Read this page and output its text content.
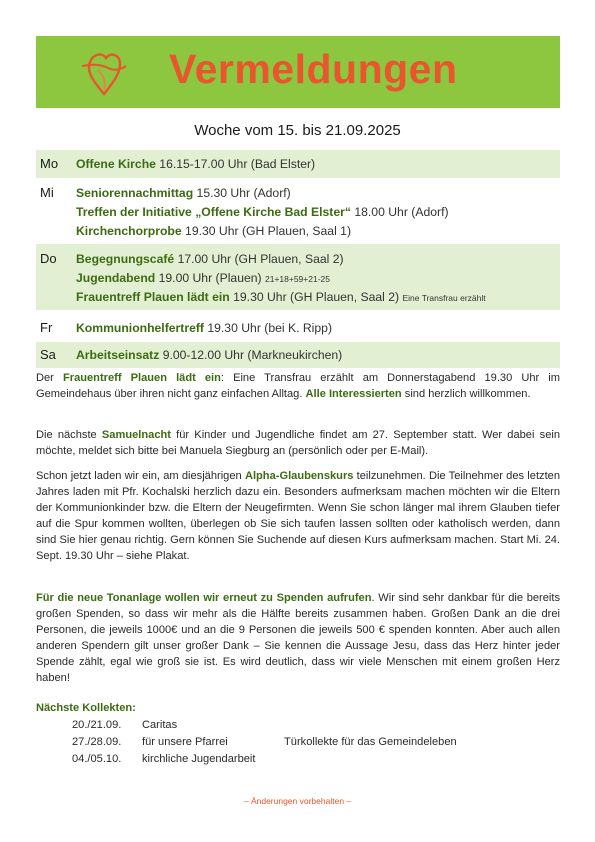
Vermeldungen
Woche vom 15. bis 21.09.2025
Mo Offene Kirche 16.15-17.00 Uhr (Bad Elster)
Mi Seniorennachmittag 15.30 Uhr (Adorf)
Treffen der Initiative „Offene Kirche Bad Elster“ 18.00 Uhr (Adorf)
Kirchenchorprobe 19.30 Uhr (GH Plauen, Saal 1)
Do Begegnungscafé 17.00 Uhr (GH Plauen, Saal 2)
Jugendabend 19.00 Uhr (Plauen) 21+18+59+21-25
Frauentreff Plauen lädt ein 19.30 Uhr (GH Plauen, Saal 2) Eine Transfrau erzählt
Fr Kommunionhelfertreff 19.30 Uhr (bei K. Ripp)
Sa Arbeitseinsatz 9.00-12.00 Uhr (Markneukirchen)

Der Frauentreff Plauen lädt ein: Eine Transfrau erzählt am Donnerstagabend 19.30 Uhr im Gemeindehaus über ihren nicht ganz einfachen Alltag. Alle Interessierten sind herzlich willkommen.

Die nächste Samuelnacht für Kinder und Jugendliche findet am 27. September statt. Wer dabei sein möchte, meldet sich bitte bei Manuela Siegburg an (persönlich oder per E-Mail).

Schon jetzt laden wir ein, am diesjährigen Alpha-Glaubenskurs teilzunehmen. Die Teilnehmer des letzten Jahres laden mit Pfr. Kochalski herzlich dazu ein. Besonders aufmerksam machen möchten wir die Eltern der Kommunionkinder bzw. die Eltern der Neugefirmten. Wenn Sie schon länger mal ihrem Glauben tiefer auf die Spur kommen wollten, überlegen ob Sie sich taufen lassen sollten oder katholisch werden, dann sind Sie hier genau richtig. Gern können Sie Suchende auf diesen Kurs aufmerksam machen. Start Mi. 24. Sept. 19.30 Uhr – siehe Plakat.

Für die neue Tonanlage wollen wir erneut zu Spenden aufrufen. Wir sind sehr dankbar für die bereits großen Spenden, so dass wir mehr als die Hälfte bereits zusammen haben. Großen Dank an die drei Personen, die jeweils 1000€ und an die 9 Personen die jeweils 500 € spenden konnten. Aber auch allen anderen Spendern gilt unser großer Dank – Sie kennen die Aussage Jesu, dass das Herz hinter jeder Spende zählt, egal wie groß sie ist. Es wird deutlich, dass wir viele Menschen mit einem großen Herz haben!

Nächste Kollekten:
20./21.09. Caritas
27./28.09. für unsere Pfarrei	Türkollekte für das Gemeindeleben
04./05.10. kirchliche Jugendarbeit
– Änderungen vorbehalten –
